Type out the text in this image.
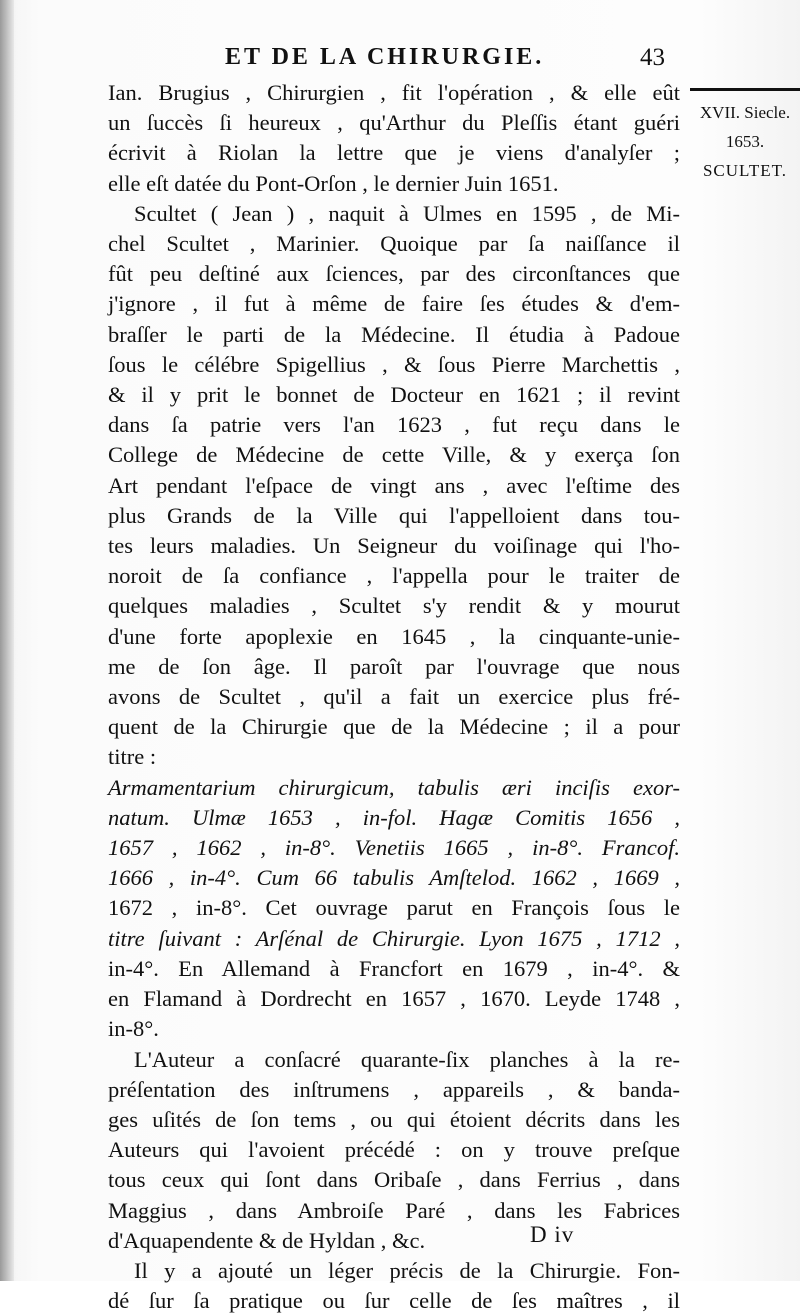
ET DE LA CHIRURGIE.	43
XVII. Siecle.
1653.
SCULTET.

Ian. Brugius , Chirurgien , fit l'opération , & elle eût
un ſuccès ſi heureux , qu'Arthur du Pleſſis étant guéri
écrivit à Riolan la lettre que je viens d'analyſer ;
elle eſt datée du Pont-Orſon , le dernier Juin 1651.

Scultet ( Jean ) , naquit à Ulmes en 1595 , de Mi-
chel Scultet , Marinier. Quoique par ſa naiſſance il
fût peu deſtiné aux ſciences, par des circonſtances que
j'ignore , il fut à même de faire ſes études & d'em-
braſſer le parti de la Médecine. Il étudia à Padoue
ſous le célébre Spigellius , & ſous Pierre Marchettis ,
& il y prit le bonnet de Docteur en 1621 ; il revint
dans ſa patrie vers l'an 1623 , fut reçu dans le
College de Médecine de cette Ville, & y exerça ſon
Art pendant l'eſpace de vingt ans , avec l'eſtime des
plus Grands de la Ville qui l'appelloient dans tou-
tes leurs maladies. Un Seigneur du voiſinage qui l'ho-
noroit de ſa confiance , l'appella pour le traiter de
quelques maladies , Scultet s'y rendit & y mourut
d'une forte apoplexie en 1645 , la cinquante-unie-
me de ſon âge. Il paroît par l'ouvrage que nous
avons de Scultet , qu'il a fait un exercice plus fré-
quent de la Chirurgie que de la Médecine ; il a pour
titre :

Armamentarium chirurgicum, tabulis æri inciſis exor-
natum. Ulmæ 1653 , in-fol. Hagæ Comitis 1656 ,
1657 , 1662 , in-8°. Venetiis 1665 , in-8°. Francof.
1666 , in-4°. Cum 66 tabulis Amſtelod. 1662 , 1669 ,
1672 , in-8°. Cet ouvrage parut en François ſous le
titre ſuivant : Arſénal de Chirurgie. Lyon 1675 , 1712 ,
in-4°. En Allemand à Francfort en 1679 , in-4°. &
en Flamand à Dordrecht en 1657 , 1670. Leyde 1748 ,
in-8°.

L'Auteur a conſacré quarante-ſix planches à la re-
préſentation des inſtrumens , appareils , & banda-
ges uſités de ſon tems , ou qui étoient décrits dans les
Auteurs qui l'avoient précédé : on y trouve preſque
tous ceux qui ſont dans Oribaſe , dans Ferrius , dans
Maggius , dans Ambroiſe Paré , dans les Fabrices
d'Aquapendente & de Hyldan , &c.

Il y a ajouté un léger précis de la Chirurgie. Fon-
dé ſur ſa pratique ou ſur celle de ſes maîtres , il

D iv
